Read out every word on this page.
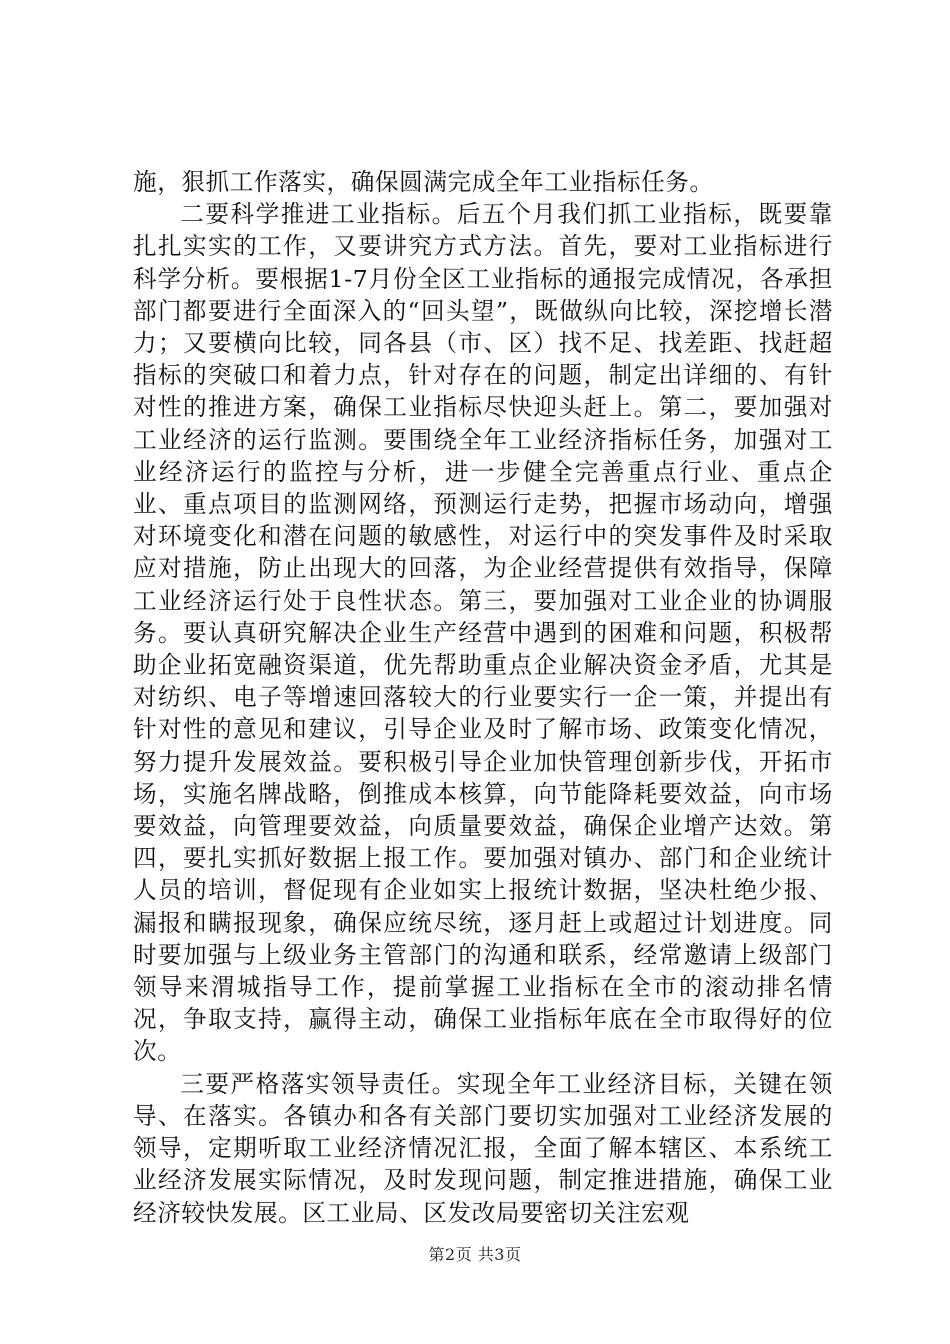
施，狠抓工作落实，确保圆满完成全年工业指标任务。

二要科学推进工业指标。后五个月我们抓工业指标，既要靠扎扎实实的工作，又要讲究方式方法。首先，要对工业指标进行科学分析。要根据1-7月份全区工业指标的通报完成情况，各承担部门都要进行全面深入的“回头望”，既做纵向比较，深挖增长潜力；又要横向比较，同各县（市、区）找不足、找差距、找赶超指标的突破口和着力点，针对存在的问题，制定出详细的、有针对性的推进方案，确保工业指标尽快迎头赶上。第二，要加强对工业经济的运行监测。要围绕全年工业经济指标任务，加强对工业经济运行的监控与分析，进一步健全完善重点行业、重点企业、重点项目的监测网络，预测运行走势，把握市场动向，增强对环境变化和潜在问题的敏感性，对运行中的突发事件及时采取应对措施，防止出现大的回落，为企业经营提供有效指导，保障工业经济运行处于良性状态。第三，要加强对工业企业的协调服务。要认真研究解决企业生产经营中遇到的困难和问题，积极帮助企业拓宽融资渠道，优先帮助重点企业解决资金矛盾，尤其是对纺织、电子等增速回落较大的行业要实行一企一策，并提出有针对性的意见和建议，引导企业及时了解市场、政策变化情况，努力提升发展效益。要积极引导企业加快管理创新步伐，开拓市场，实施名牌战略，倒推成本核算，向节能降耗要效益，向市场要效益，向管理要效益，向质量要效益，确保企业增产达效。第四，要扎实抓好数据上报工作。要加强对镇办、部门和企业统计人员的培训，督促现有企业如实上报统计数据，坚决杜绝少报、漏报和瞒报现象，确保应统尽统，逐月赶上或超过计划进度。同时要加强与上级业务主管部门的沟通和联系，经常邀请上级部门领导来渭城指导工作，提前掌握工业指标在全市的滚动排名情况，争取支持，赢得主动，确保工业指标年底在全市取得好的位次。

三要严格落实领导责任。实现全年工业经济目标，关键在领导、在落实。各镇办和各有关部门要切实加强对工业经济发展的领导，定期听取工业经济情况汇报，全面了解本辖区、本系统工业经济发展实际情况，及时发现问题，制定推进措施，确保工业经济较快发展。区工业局、区发改局要密切关注宏观

第2页 共3页
